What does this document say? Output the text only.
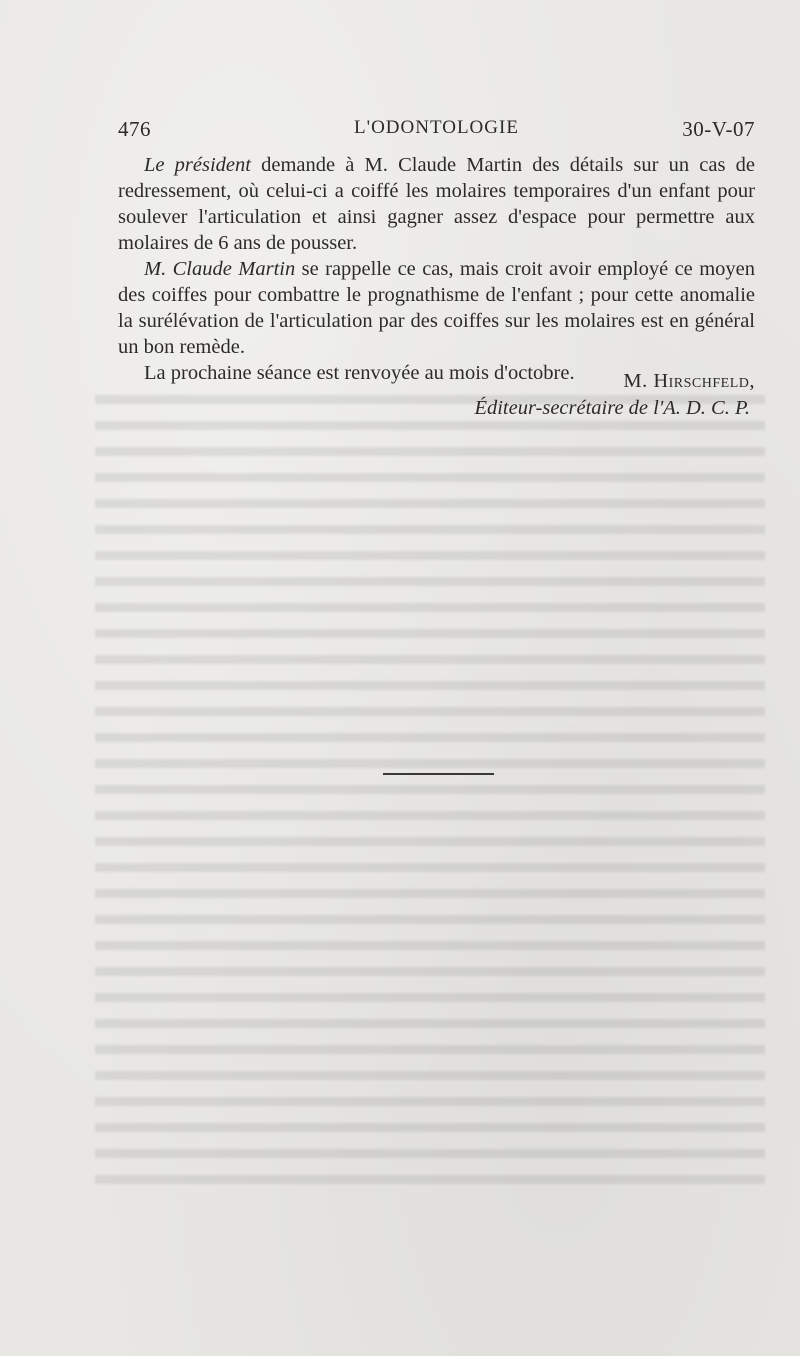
476	L'ODONTOLOGIE	30-V-07

Le président demande à M. Claude Martin des détails sur un cas de redressement, où celui-ci a coiffé les molaires temporaires d'un enfant pour soulever l'articulation et ainsi gagner assez d'espace pour permettre aux molaires de 6 ans de pousser.

M. Claude Martin se rappelle ce cas, mais croit avoir employé ce moyen des coiffes pour combattre le prognathisme de l'enfant ; pour cette anomalie la surélévation de l'articulation par des coiffes sur les molaires est en général un bon remède.

La prochaine séance est renvoyée au mois d'octobre.	M. Hirschfeld,
Éditeur-secrétaire de l'A. D. C. P.
